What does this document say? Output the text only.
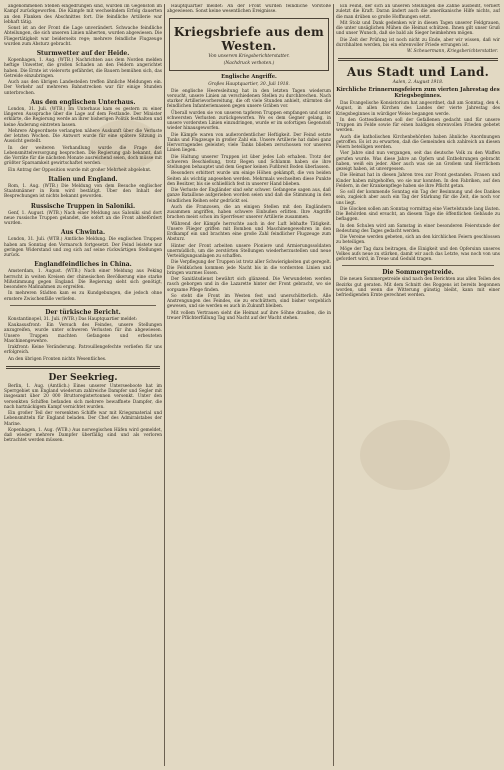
angenommenen Stellen eingedrungen sind, wurden im Gegenstoß im Kampf zurückgeworfen. Die Kämpfe mit wechselndem Erfolg dauerten an den Flanken des Abschnittes fort. Die feindliche Artillerie war lebhaft tätig.

Sonst ist an der Front die Lage unverändert. Schwache feindliche Abteilungen, die sich unseren Linien näherten, wurden abgewiesen. Die Fliegertätigkeit war beiderseits rege; mehrere feindliche Flugzeuge wurden zum Absturz gebracht.

Sturmwetter auf der Heide.

Kopenhagen, 1. Aug. (WTB.) Nachrichten aus dem Norden melden heftige Unwetter, die großen Schaden an den Feldern angerichtet haben. Die Ernte ist vielerorts gefährdet, die Bauern bemühen sich, das Getreide einzubringen.

Auch aus den übrigen Landesteilen treffen ähnliche Meldungen ein. Der Verkehr auf mehreren Bahnstrecken war für einige Stunden unterbrochen.

Aus den englischen Unterhaus.

London, 31. Juli. (WTB.) Im Unterhaus kam es gestern zu einer längeren Aussprache über die Lage auf dem Festlande. Der Minister erklärte, die Regierung werde an ihrer bisherigen Politik festhalten und keine Änderung eintreten lassen.

Mehrere Abgeordnete verlangten nähere Auskunft über die Verluste der letzten Wochen. Die Antwort wurde für eine spätere Sitzung in Aussicht gestellt.

In der weiteren Verhandlung wurde die Frage der Lebensmittelversorgung besprochen. Die Regierung gab bekannt, daß die Vorräte für die nächsten Monate ausreichend seien, doch müsse mit größter Sparsamkeit gewirtschaftet werden.

Ein Antrag der Opposition wurde mit großer Mehrheit abgelehnt.

Italien und England.

Rom, 1. Aug. (WTB.) Die Meldung von dem Besuche englischer Staatsmänner in Rom wird bestätigt. Über den Inhalt der Besprechungen ist nichts bekannt geworden.

Russische Truppen in Saloniki.

Genf, 1. August. (WTB.) Nach einer Meldung aus Saloniki sind dort neue russische Truppen gelandet, die sofort an die Front abbefördert wurden.

Aus Chwinta.

London, 31. Juli. (WTB.) Amtliche Meldung. Die englischen Truppen haben am Sonntag den Vormarsch fortgesetzt. Der Feind leistete nur geringen Widerstand und zog sich auf seine rückwärtigen Stellungen zurück.

Englandfeindliches in China.

Amsterdam, 1. August. (WTB.) Nach einer Meldung aus Peking herrscht in weiten Kreisen der chinesischen Bevölkerung eine starke Mißstimmung gegen England. Die Regierung sieht sich genötigt, besondere Maßnahmen zu ergreifen.

In mehreren Städten kam es zu Kundgebungen, die jedoch ohne ernstere Zwischenfälle verliefen.

Der türkische Bericht.

Konstantinopel, 31. Juli. (WTB.) Das Hauptquartier meldet:

Kaukasusfront: Ein Versuch des Feindes, unsere Stellungen anzugreifen, wurde unter schweren Verlusten für ihn abgewiesen. Unsere Truppen machten Gefangene und erbeuteten Maschinengewehre.

Irakfront: Keine Veränderung. Patrouillengefechte verliefen für uns erfolgreich.

An den übrigen Fronten nichts Wesentliches.

Der Seekrieg.

Berlin, 1. Aug. (Amtlich.) Eines unserer Unterseeboote hat im Sperrgebiet um England wiederum zahlreiche Dampfer und Segler mit insgesamt über 20 000 Bruttoregistertonnen versenkt. Unter den versenkten Schiffen befanden sich mehrere bewaffnete Dampfer, die nach hartnäckigem Kampf vernichtet wurden.

Ein großer Teil der versenkten Schiffe war mit Kriegsmaterial und Lebensmitteln für England beladen. Der Chef des Admiralstabes der Marine.

Kopenhagen, 1. Aug. (WTB.) Aus norwegischen Häfen wird gemeldet, daß wieder mehrere Dampfer überfällig sind und als verloren betrachtet werden müssen.

Hauptquartier meldet: An der Front wurden feindliche Vorstöße abgewiesen. Sonst keine wesentlichen Ereignisse.

Kriegsbriefe aus dem Westen.
Von unserem Kriegsberichterstatter.
(Nachdruck verboten.)
Englische Angriffe.
Großes Hauptquartier, 30. Juli 1918.

Die englische Heeresleitung hat in den letzten Tagen wiederum versucht, unsere Linien an verschiedenen Stellen zu durchbrechen. Nach starker Artillerievorbereitung, die oft viele Stunden anhielt, stürmten die feindlichen Infanteriemassen gegen unsere Gräben vor.

Überall wurden sie von unseren tapferen Truppen empfangen und unter schwersten Verlusten zurückgeworfen. Wo es dem Gegner gelang, in unsere vordersten Linien einzudringen, wurde er im sofortigen Gegenstoß wieder hinausgeworfen.

Die Kämpfe waren von außerordentlicher Heftigkeit. Der Feind setzte Tanks und Flugzeuge in großer Zahl ein. Unsere Artillerie hat dabei ganz Hervorragendes geleistet; viele Tanks blieben zerschossen vor unseren Linien liegen.

Die Haltung unserer Truppen ist über jedes Lob erhaben. Trotz der schweren Beschießung, trotz Regen und Schlamm haben sie ihre Stellungen behauptet und dem Gegner keinen Fußbreit Boden überlassen.

Besonders erbittert wurde um einige Höhen gekämpft, die von beiden Seiten als wichtig angesehen werden. Mehrmals wechselten diese Punkte den Besitzer, bis sie schließlich fest in unserer Hand blieben.

Die Verluste der Engländer sind sehr schwer. Gefangene sagen aus, daß ganze Bataillone aufgerieben worden seien und daß die Stimmung in den feindlichen Reihen sehr gedrückt sei.

Auch die Franzosen, die an einigen Stellen mit den Engländern zusammen angriffen, haben schwere Einbußen erlitten. Ihre Angriffe brachen meist schon im Sperrfeuer unserer Artillerie zusammen.

Während der Kämpfe herrschte auch in der Luft lebhafte Tätigkeit. Unsere Flieger griffen mit Bomben und Maschinengewehren in den Erdkampf ein und brachten eine große Zahl feindlicher Flugzeuge zum Absturz.

Hinter der Front arbeiten unsere Pioniere und Armierungssoldaten unermüdlich, um die zerstörten Stellungen wiederherzustellen und neue Verteidigungsanlagen zu schaffen.

Die Verpflegung der Truppen ist trotz aller Schwierigkeiten gut geregelt. Die Feldküchen kommen jede Nacht bis in die vordersten Linien und bringen warmes Essen.

Der Sanitätsdienst bewährt sich glänzend. Die Verwundeten werden rasch geborgen und in die Lazarette hinter der Front gebracht, wo sie sorgsame Pflege finden.

So steht die Front im Westen fest und unerschütterlich. Alle Anstrengungen des Feindes, sie zu erschüttern, sind bisher vergeblich gewesen, und sie werden es auch in Zukunft bleiben.

Mit vollem Vertrauen sieht die Heimat auf ihre Söhne draußen, die in treuer Pflichterfüllung Tag und Nacht auf der Wacht stehen.

Ein Feind, der sich an unseren Stellungen die Zähne ausbeißt, verliert zuletzt die Kraft. Daran ändert auch die amerikanische Hilfe nichts, auf die man drüben so große Hoffnungen setzt.

Mit Stolz und Dank gedenken wir in diesen Tagen unserer Feldgrauen, die unter unsäglichen Mühen die Heimat schützen. Ihnen gilt unser Gruß und unser Wunsch, daß sie bald als Sieger heimkehren mögen.

Die Zeit der Prüfung ist noch nicht zu Ende, aber wir wissen, daß wir durchhalten werden, bis ein ehrenvoller Friede errungen ist.

W. Scheuermann, Kriegsberichterstatter.
Aus Stadt und Land.
Aalen, 2. August 1918.
Kirchliche Erinnerungsfeiern zum vierten Jahrestag des Kriegsbeginnes.

Das Evangelische Konsistorium hat angeordnet, daß am Sonntag, den 4. August, in allen Kirchen des Landes der vierte Jahrestag des Kriegsbeginnes in würdiger Weise begangen werde.

In den Gottesdiensten soll der Gefallenen gedacht und für unsere Truppen im Felde sowie für einen baldigen ehrenvollen Frieden gebetet werden.

Auch die katholischen Kirchenbehörden haben ähnliche Anordnungen getroffen. Es ist zu erwarten, daß die Gemeinden sich zahlreich an diesen Feiern beteiligen werden.

Vier Jahre sind nun vergangen, seit das deutsche Volk zu den Waffen gerufen wurde. Was diese Jahre an Opfern und Entbehrungen gebracht haben, weiß ein jeder. Aber auch was sie an Großem und Herrlichem gezeigt haben, ist unvergessen.

Die Heimat hat in diesen Jahren treu zur Front gestanden. Frauen und Kinder haben mitgeholfen, wo sie nur konnten. In den Fabriken, auf den Feldern, in der Krankenpflege haben sie ihre Pflicht getan.

So soll der kommende Sonntag ein Tag der Besinnung und des Dankes sein, zugleich aber auch ein Tag der Stärkung für die Zeit, die noch vor uns liegt.

Die Glocken sollen am Sonntag vormittag eine Viertelstunde lang läuten. Die Behörden sind ersucht, an diesem Tage die öffentlichen Gebäude zu beflaggen.

In den Schulen wird am Samstag in einer besonderen Feierstunde der Bedeutung des Tages gedacht werden.

Die Vereine werden gebeten, sich an den kirchlichen Feiern geschlossen zu beteiligen.

Möge der Tag dazu beitragen, die Einigkeit und den Opfersinn unseres Volkes aufs neue zu stärken, damit wir auch das Letzte, was noch von uns gefordert wird, in Treue und Geduld tragen.

Die Sommergetreide.

Die neuen Sommergetreide sind nach den Berichten aus allen Teilen des Bezirks gut geraten. Mit dem Schnitt des Roggens ist bereits begonnen worden, und wenn die Witterung günstig bleibt, kann mit einer befriedigenden Ernte gerechnet werden.
